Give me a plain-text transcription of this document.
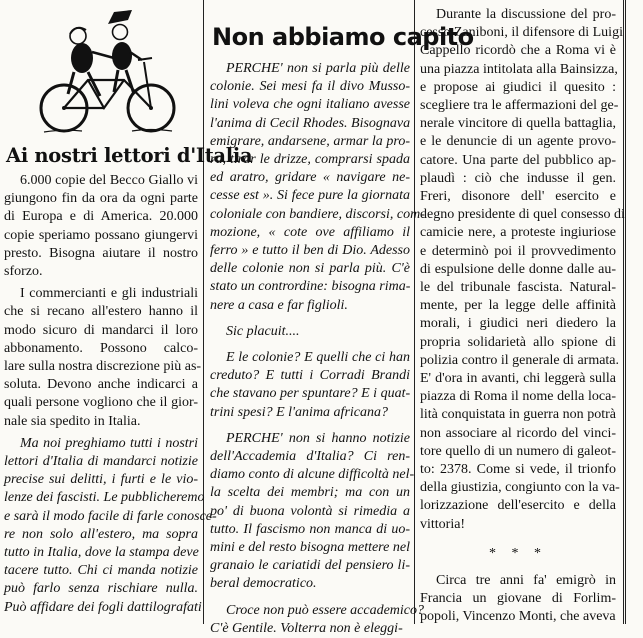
Ai nostri lettori d'Italia

6.000 copie del Becco Giallo vi
giungono fin da ora da ogni parte
di Europa e di America. 20.000
copie speriamo possano giungervi
presto. Bisogna aiutare il nostro
sforzo.

I commercianti e gli industriali
che si recano all'estero hanno il
modo sicuro di mandarci il loro
abbonamento. Possono calco-
lare sulla nostra discrezione più as-
soluta. Devono anche indicarci a
quali persone vogliono che il gior-
nale sia spedito in Italia.

Ma noi preghiamo tutti i nostri
lettori d'Italia di mandarci notizie
precise sui delitti, i furti e le vio-
lenze dei fascisti. Le pubblicheremo
e sarà il modo facile di farle conosce-
re non solo all'estero, ma sopra
tutto in Italia, dove la stampa deve
tacere tutto. Chi ci manda notizie
può farlo senza rischiare nulla.
Può affidare dei fogli dattilografati

Non abbiamo capito

PERCHE' non si parla più delle
colonie. Sei mesi fa il divo Musso-
lini voleva che ogni italiano avesse
l'anima di Cecil Rhodes. Bisognava
emigrare, andarsene, armar la pro-
ra, tirar le drizze, comprarsi spada
ed aratro, gridare « navigare ne-
cesse est ». Si fece pure la giornata
coloniale con bandiere, discorsi, com-
mozione, « cote ove affiliamo il
ferro » e tutto il ben di Dio. Adesso
delle colonie non si parla più. C'è
stato un contrordine: bisogna rima-
nere a casa e far figlioli.

Sic placuit....

E le colonie? E quelli che ci han
creduto? E tutti i Corradi Brandi
che stavano per spuntare? E i quat-
trini spesi? E l'anima africana?

PERCHE' non si hanno notizie
dell'Accademia d'Italia? Ci ren-
diamo conto di alcune difficoltà nel-
la scelta dei membri; ma con un
po' di buona volontà si rimedia a
tutto. Il fascismo non manca di uo-
mini e del resto bisogna mettere nel
granaio le cariatidi del pensiero li-
beral democratico.

Croce non può essere accademico?
C'è Gentile. Volterra non è eleggi-

Durante la discussione del pro-
cesso Zaniboni, il difensore di Luigi
Cappello ricordò che a Roma vi è
una piazza intitolata alla Bainsizza,
e propose ai giudici il quesito :
scegliere tra le affermazioni del ge-
nerale vincitore di quella battaglia,
e le denuncie di un agente provo-
catore. Una parte del pubblico ap-
plaudì : ciò che indusse il gen.
Freri, disonore dell' esercito e
degno presidente di quel consesso di
camicie nere, a proteste ingiuriose
e determinò poi il provvedimento
di espulsione delle donne dalle au-
le del tribunale fascista. Natural-
mente, per la legge delle affinità
morali, i giudici neri diedero la
propria solidarietà allo spione di
polizia contro il generale di armata.
E' d'ora in avanti, chi leggerà sulla
piazza di Roma il nome della loca-
lità conquistata in guerra non potrà
non associare al ricordo del vinci-
tore quello di un numero di galeot-
to: 2378. Come si vede, il trionfo
della giustizia, congiunto con la va-
lorizzazione dell'esercito e della
vittoria!

* * *

Circa tre anni fa' emigrò in
Francia un giovane di Forlim-
popoli, Vincenzo Monti, che aveva
